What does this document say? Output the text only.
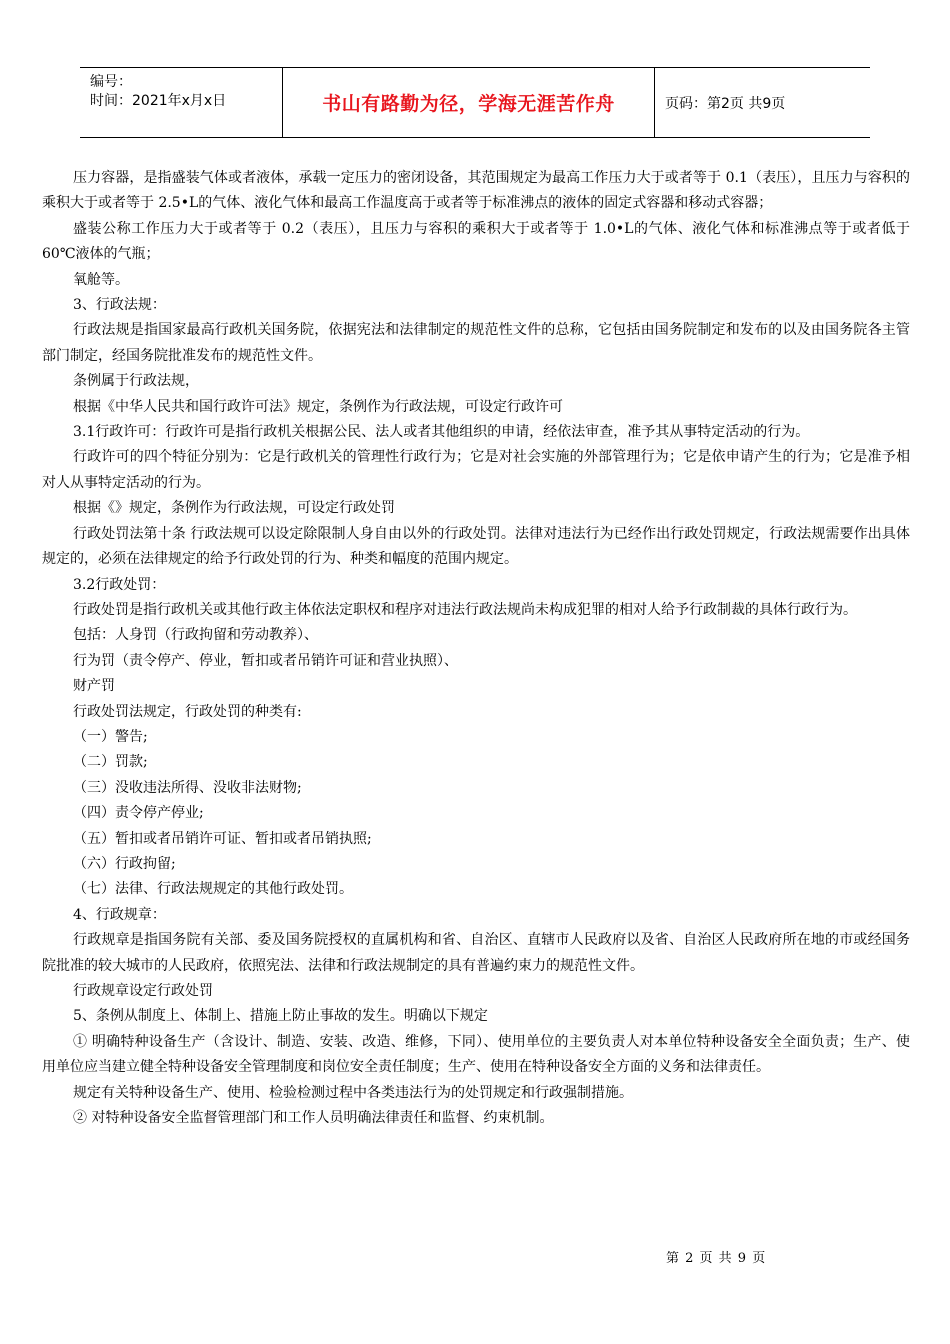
编号：
时间：2021年x月x日	书山有路勤为径，学海无涯苦作舟	页码：第2页 共9页

压力容器，是指盛装气体或者液体，承载一定压力的密闭设备，其范围规定为最高工作压力大于或者等于 0.1（表压），且压力与容积的乘积大于或者等于 2.5•L的气体、液化气体和最高工作温度高于或者等于标准沸点的液体的固定式容器和移动式容器；

盛装公称工作压力大于或者等于 0.2（表压），且压力与容积的乘积大于或者等于 1.0•L的气体、液化气体和标准沸点等于或者低于60℃液体的气瓶；

氧舱等。

3、行政法规：

行政法规是指国家最高行政机关国务院，依据宪法和法律制定的规范性文件的总称，它包括由国务院制定和发布的以及由国务院各主管部门制定，经国务院批准发布的规范性文件。

条例属于行政法规，

根据《中华人民共和国行政许可法》规定，条例作为行政法规，可设定行政许可

3.1行政许可：行政许可是指行政机关根据公民、法人或者其他组织的申请，经依法审查，准予其从事特定活动的行为。

行政许可的四个特征分别为：它是行政机关的管理性行政行为；它是对社会实施的外部管理行为；它是依申请产生的行为；它是准予相对人从事特定活动的行为。

根据《》规定，条例作为行政法规，可设定行政处罚

行政处罚法第十条 行政法规可以设定除限制人身自由以外的行政处罚。法律对违法行为已经作出行政处罚规定，行政法规需要作出具体规定的，必须在法律规定的给予行政处罚的行为、种类和幅度的范围内规定。

3.2行政处罚：

行政处罚是指行政机关或其他行政主体依法定职权和程序对违法行政法规尚未构成犯罪的相对人给予行政制裁的具体行政行为。

包括：人身罚（行政拘留和劳动教养）、

行为罚（责令停产、停业，暂扣或者吊销许可证和营业执照）、

财产罚

行政处罚法规定，行政处罚的种类有:

（一）警告;

（二）罚款;

（三）没收违法所得、没收非法财物;

（四）责令停产停业;

（五）暂扣或者吊销许可证、暂扣或者吊销执照;

（六）行政拘留;

（七）法律、行政法规规定的其他行政处罚。

4、行政规章：

行政规章是指国务院有关部、委及国务院授权的直属机构和省、自治区、直辖市人民政府以及省、自治区人民政府所在地的市或经国务院批准的较大城市的人民政府，依照宪法、法律和行政法规制定的具有普遍约束力的规范性文件。

行政规章设定行政处罚

5、条例从制度上、体制上、措施上防止事故的发生。明确以下规定

① 明确特种设备生产（含设计、制造、安装、改造、维修，下同）、使用单位的主要负责人对本单位特种设备安全全面负责；生产、使用单位应当建立健全特种设备安全管理制度和岗位安全责任制度；生产、使用在特种设备安全方面的义务和法律责任。

规定有关特种设备生产、使用、检验检测过程中各类违法行为的处罚规定和行政强制措施。

② 对特种设备安全监督管理部门和工作人员明确法律责任和监督、约束机制。

第 2 页 共 9 页
